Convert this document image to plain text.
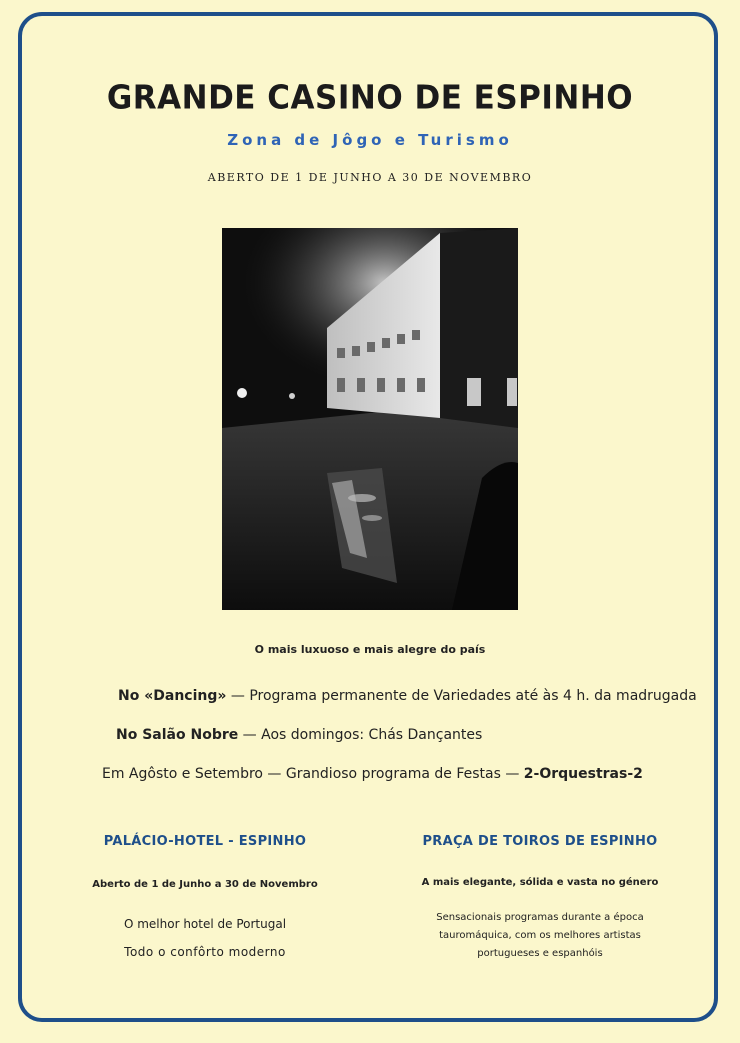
GRANDE CASINO DE ESPINHO
Zona de Jôgo e Turismo
ABERTO DE 1 DE JUNHO A 30 DE NOVEMBRO
O mais luxuoso e mais alegre do país
No «Dancing» — Programa permanente de Variedades até às 4 h. da madrugada
No Salão Nobre — Aos domingos: Chás Dançantes
Em Agôsto e Setembro — Grandioso programa de Festas — 2-Orquestras-2
PALÁCIO-HOTEL - ESPINHO
Aberto de 1 de Junho a 30 de Novembro
O melhor hotel de Portugal
Todo o confôrto moderno
PRAÇA DE TOIROS DE ESPINHO
A mais elegante, sólida e vasta no género
Sensacionais programas durante a época
tauromáquica, com os melhores artistas
portugueses e espanhóis
